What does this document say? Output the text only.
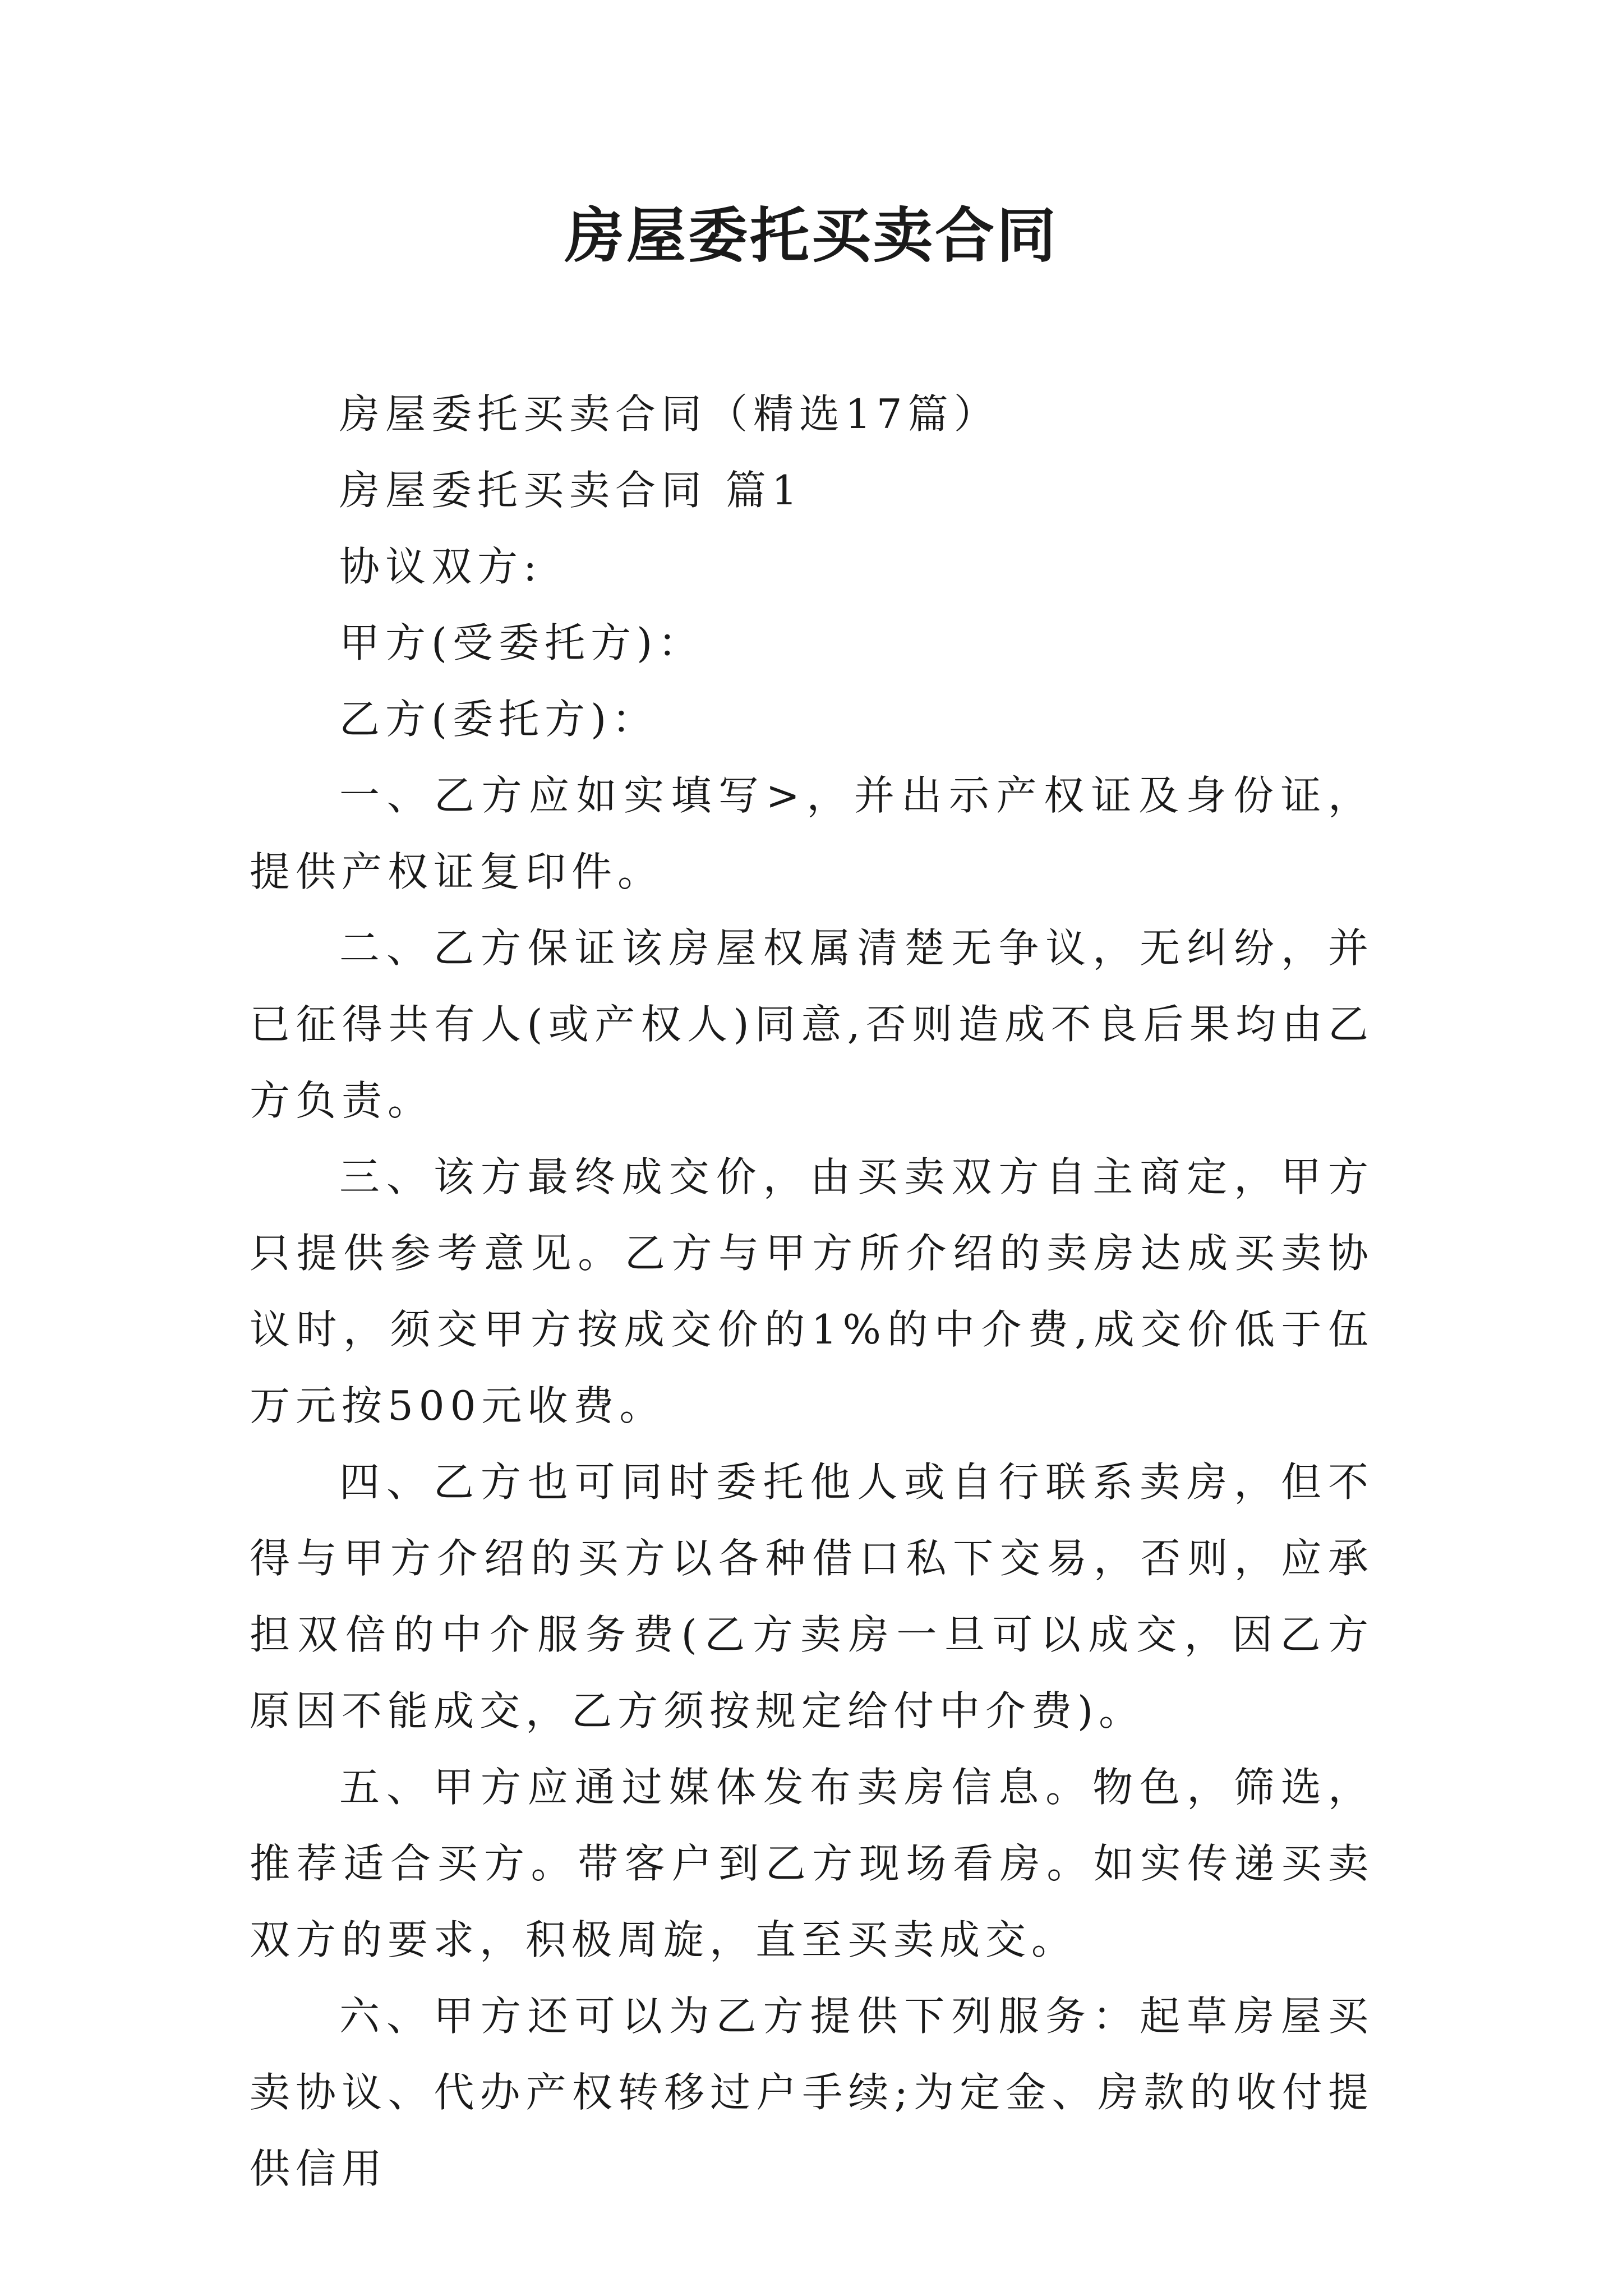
房屋委托买卖合同

房屋委托买卖合同（精选17篇）

房屋委托买卖合同 篇1

协议双方:

甲方(受委托方)：

乙方(委托方)：

一、乙方应如实填写>，并出示产权证及身份证，提供产权证复印件。

二、乙方保证该房屋权属清楚无争议，无纠纷，并已征得共有人(或产权人)同意,否则造成不良后果均由乙方负责。

三、该方最终成交价，由买卖双方自主商定，甲方只提供参考意见。乙方与甲方所介绍的卖房达成买卖协议时，须交甲方按成交价的1%的中介费,成交价低于伍万元按500元收费。

四、乙方也可同时委托他人或自行联系卖房，但不得与甲方介绍的买方以各种借口私下交易，否则，应承担双倍的中介服务费(乙方卖房一旦可以成交，因乙方原因不能成交，乙方须按规定给付中介费)。

五、甲方应通过媒体发布卖房信息。物色，筛选，推荐适合买方。带客户到乙方现场看房。如实传递买卖双方的要求，积极周旋，直至买卖成交。

六、甲方还可以为乙方提供下列服务：起草房屋买卖协议、代办产权转移过户手续;为定金、房款的收付提供信用
